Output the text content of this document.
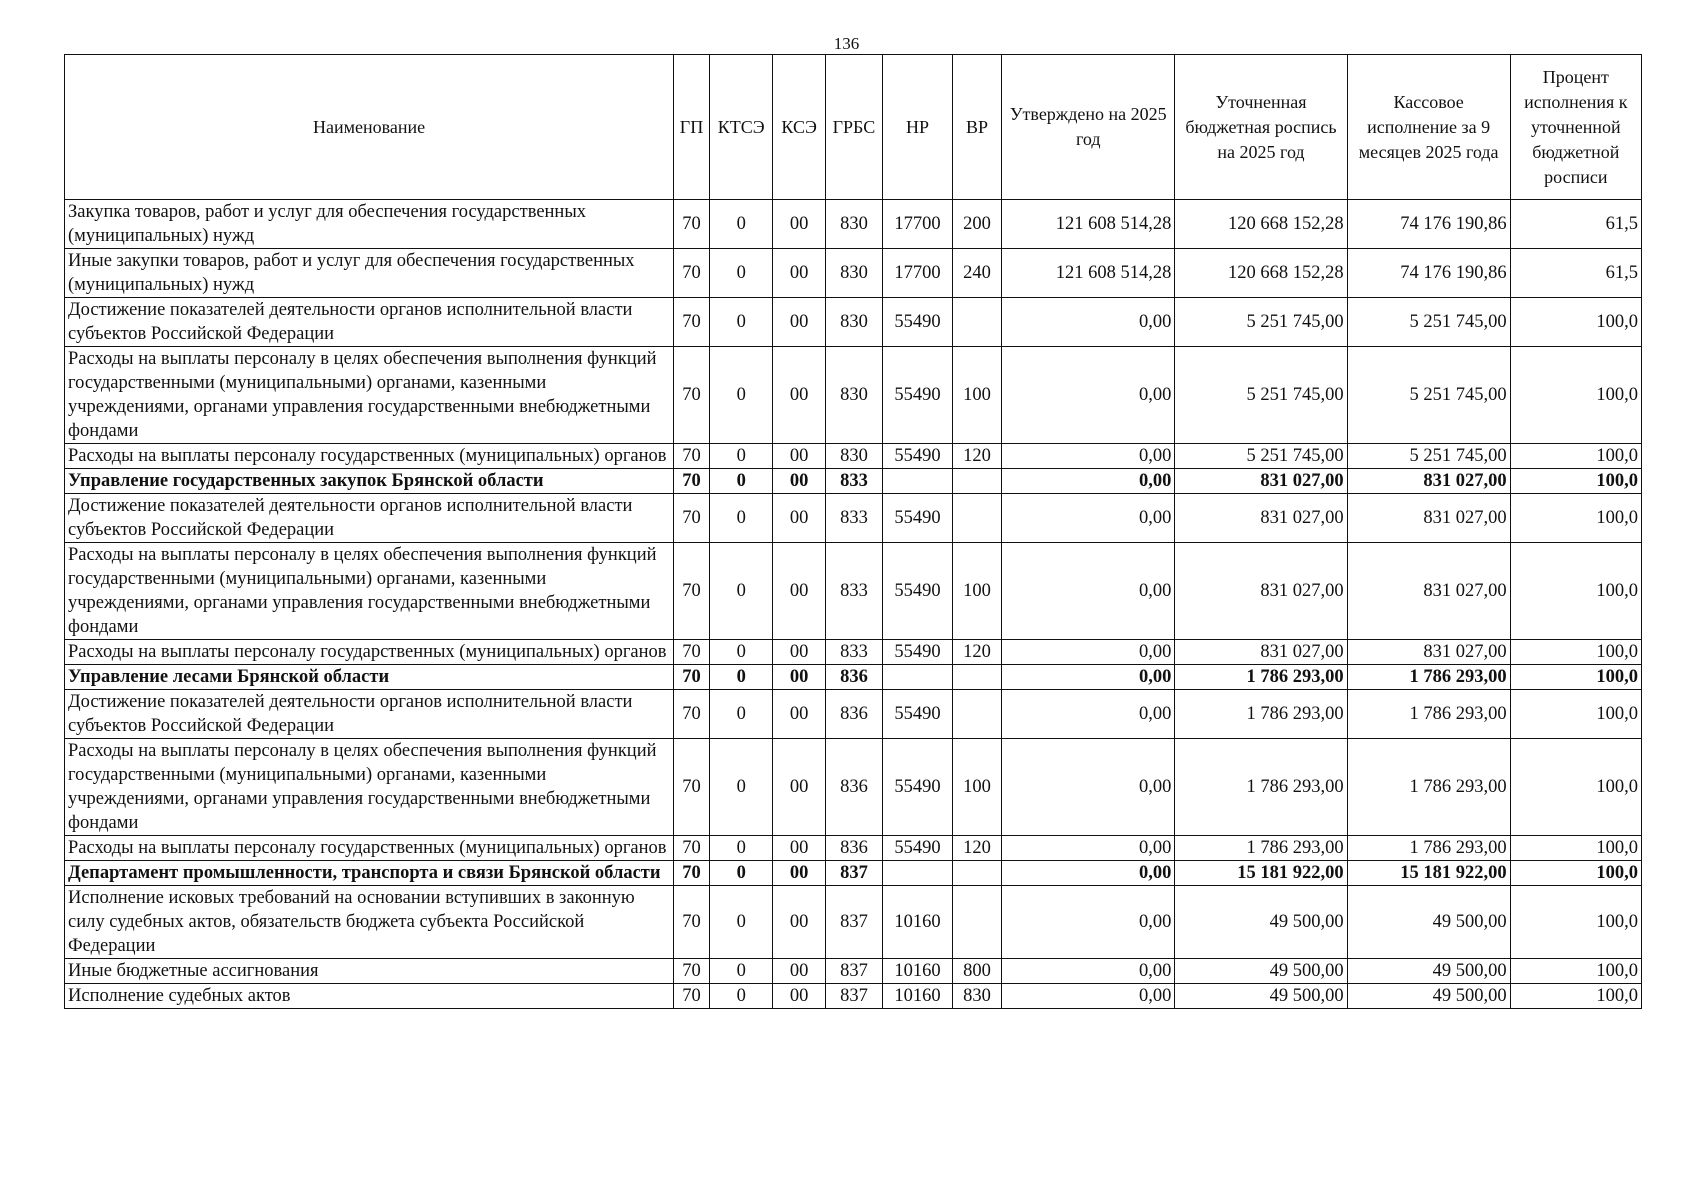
136
Наименование	ГП	КТСЭ	КСЭ	ГРБС	НР	ВР	Утверждено на 2025 год	Уточненная бюджетная роспись на 2025 год	Кассовое исполнение за 9 месяцев 2025 года	Процент исполнения к уточненной бюджетной росписи
Закупка товаров, работ и услуг для обеспечения государственных (муниципальных) нужд	70	0	00	830	17700	200	121 608 514,28	120 668 152,28	74 176 190,86	61,5
Иные закупки товаров, работ и услуг для обеспечения государственных (муниципальных) нужд	70	0	00	830	17700	240	121 608 514,28	120 668 152,28	74 176 190,86	61,5
Достижение показателей деятельности органов исполнительной власти субъектов Российской Федерации	70	0	00	830	55490		0,00	5 251 745,00	5 251 745,00	100,0
Расходы на выплаты персоналу в целях обеспечения выполнения функций государственными (муниципальными) органами, казенными учреждениями, органами управления государственными внебюджетными фондами	70	0	00	830	55490	100	0,00	5 251 745,00	5 251 745,00	100,0
Расходы на выплаты персоналу государственных (муниципальных) органов	70	0	00	830	55490	120	0,00	5 251 745,00	5 251 745,00	100,0
Управление государственных закупок Брянской области	70	0	00	833			0,00	831 027,00	831 027,00	100,0
Достижение показателей деятельности органов исполнительной власти субъектов Российской Федерации	70	0	00	833	55490		0,00	831 027,00	831 027,00	100,0
Расходы на выплаты персоналу в целях обеспечения выполнения функций государственными (муниципальными) органами, казенными учреждениями, органами управления государственными внебюджетными фондами	70	0	00	833	55490	100	0,00	831 027,00	831 027,00	100,0
Расходы на выплаты персоналу государственных (муниципальных) органов	70	0	00	833	55490	120	0,00	831 027,00	831 027,00	100,0
Управление лесами Брянской области	70	0	00	836			0,00	1 786 293,00	1 786 293,00	100,0
Достижение показателей деятельности органов исполнительной власти субъектов Российской Федерации	70	0	00	836	55490		0,00	1 786 293,00	1 786 293,00	100,0
Расходы на выплаты персоналу в целях обеспечения выполнения функций государственными (муниципальными) органами, казенными учреждениями, органами управления государственными внебюджетными фондами	70	0	00	836	55490	100	0,00	1 786 293,00	1 786 293,00	100,0
Расходы на выплаты персоналу государственных (муниципальных) органов	70	0	00	836	55490	120	0,00	1 786 293,00	1 786 293,00	100,0
Департамент промышленности, транспорта и связи Брянской области	70	0	00	837			0,00	15 181 922,00	15 181 922,00	100,0
Исполнение исковых требований на основании вступивших в законную силу судебных актов, обязательств бюджета субъекта Российской Федерации	70	0	00	837	10160		0,00	49 500,00	49 500,00	100,0
Иные бюджетные ассигнования	70	0	00	837	10160	800	0,00	49 500,00	49 500,00	100,0
Исполнение судебных актов	70	0	00	837	10160	830	0,00	49 500,00	49 500,00	100,0
